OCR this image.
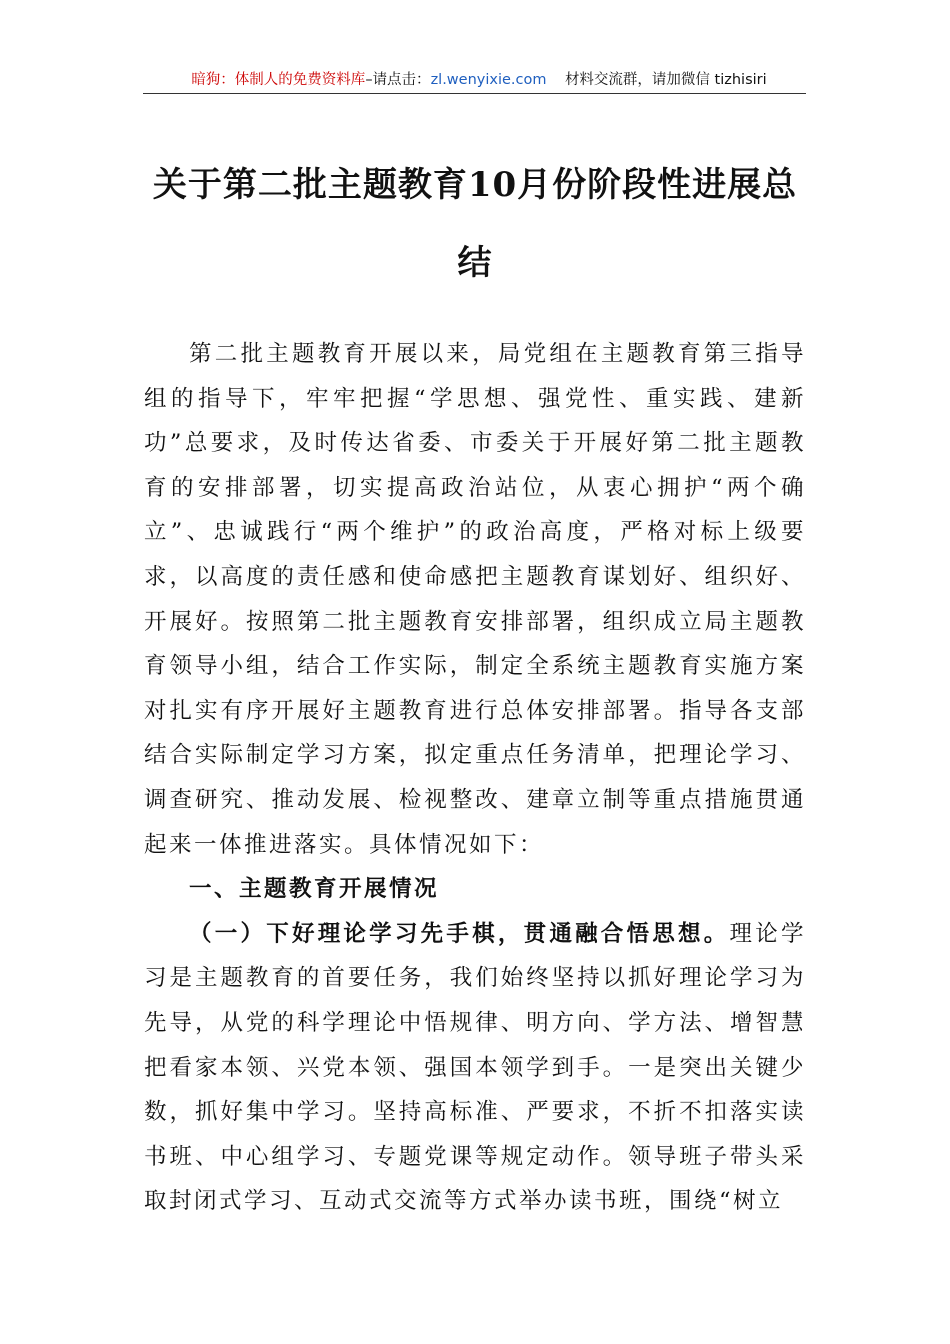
暗狗：体制人的免费资料库–请点击：zl.wenyixie.com 材料交流群，请加微信 tizhisiri
关于第二批主题教育10月份阶段性进展总
结

第二批主题教育开展以来，局党组在主题教育第三指导组的指导下，牢牢把握“学思想、强党性、重实践、建新功”总要求，及时传达省委、市委关于开展好第二批主题教育的安排部署，切实提高政治站位，从衷心拥护“两个确立”、忠诚践行“两个维护”的政治高度，严格对标上级要求，以高度的责任感和使命感把主题教育谋划好、组织好、开展好。按照第二批主题教育安排部署，组织成立局主题教育领导小组，结合工作实际，制定全系统主题教育实施方案对扎实有序开展好主题教育进行总体安排部署。指导各支部结合实际制定学习方案，拟定重点任务清单，把理论学习、调查研究、推动发展、检视整改、建章立制等重点措施贯通起来一体推进落实。具体情况如下：

一、主题教育开展情况

（一）下好理论学习先手棋，贯通融合悟思想。理论学习是主题教育的首要任务，我们始终坚持以抓好理论学习为先导，从党的科学理论中悟规律、明方向、学方法、增智慧把看家本领、兴党本领、强国本领学到手。一是突出关键少数，抓好集中学习。坚持高标准、严要求，不折不扣落实读书班、中心组学习、专题党课等规定动作。领导班子带头采取封闭式学习、互动式交流等方式举办读书班，围绕“树立
